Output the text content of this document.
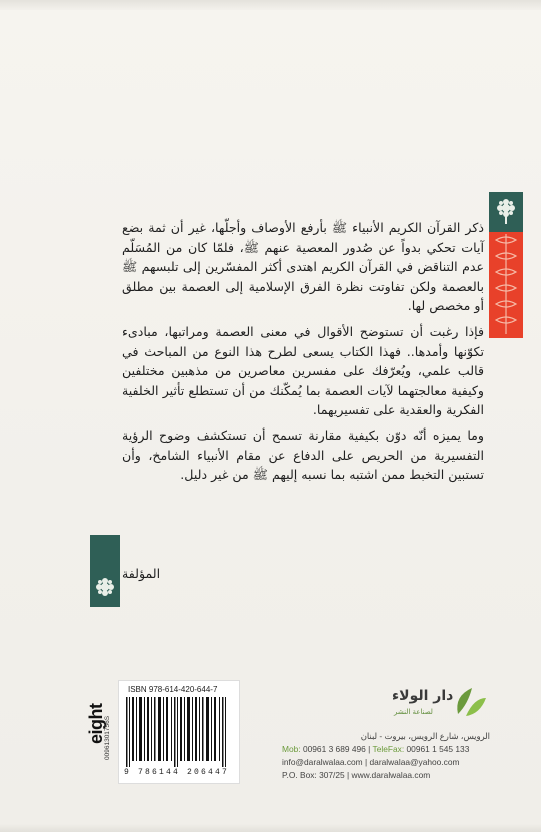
ذكر القرآن الكريم الأنبياء ﷺ بأرفع الأوصاف وأجلّها، غير أن ثمة بضع آيات تحكي بدواً عن صُدور المعصية عنهم ﷺ، فلمّا كان من المُسَلّم عدم التناقض في القرآن الكريم اهتدى أكثر المفسّرين إلى تلبسهم ﷺ بالعصمة ولكن تفاوتت نظرة الفرق الإسلامية إلى العصمة بين مطلق أو مخصص لها.

فإذا رغبت أن تستوضح الأقوال في معنى العصمة ومراتبها، مبادىء تكوّنها وأمدها.. فهذا الكتاب يسعى لطرح هذا النوع من المباحث في قالب علمي، ويُعرّفك على مفسرين معاصرين من مذهبين مختلفين وكيفية معالجتهما لآيات العصمة بما يُمكّنك من أن تستطلع تأثير الخلفية الفكرية والعقدية على تفسيريهما.

وما يميزه أنّه دوّن بكيفية مقارنة تسمح أن تستكشف وضوح الرؤية التفسيرية من الحريص على الدفاع عن مقام الأنبياء الشامخ، وأن تستبين التخبط ممن اشتبه بما نسبه إليهم ﷺ من غير دليل.

المؤلفة
eight
00961301756S
ISBN 978-614-420-644-7
9 786144 206447
دار الولاء
لصناعة النشر
الرويس، شارع الرويس، بيروت - لبنان
Mob: 00961 3 689 496 | TeleFax: 00961 1 545 133
info@daralwalaa.com | daralwalaa@yahoo.com
P.O. Box: 307/25 | www.daralwalaa.com
